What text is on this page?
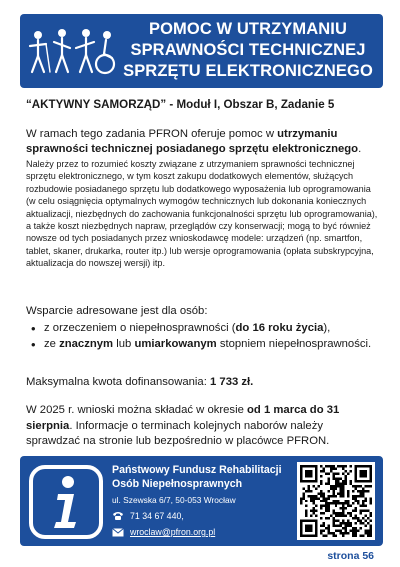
POMOC W UTRZYMANIU
SPRAWNOŚCI TECHNICZNEJ
SPRZĘTU ELEKTRONICZNEGO
“AKTYWNY SAMORZĄD” - Moduł I, Obszar B, Zadanie 5

W ramach tego zadania PFRON oferuje pomoc w utrzymaniu sprawności technicznej posiadanego sprzętu elektronicznego.

Należy przez to rozumieć koszty związane z utrzymaniem sprawności technicznej sprzętu elektronicznego, w tym koszt zakupu dodatkowych elementów, służących rozbudowie posiadanego sprzętu lub dodatkowego wyposażenia lub oprogramowania (w celu osiągnięcia optymalnych wymogów technicznych lub dokonania koniecznych aktualizacji, niezbędnych do zachowania funkcjonalności sprzętu lub oprogramowania), a także koszt niezbędnych napraw, przeglądów czy konserwacji; mogą to być również nowsze od tych posiadanych przez wnioskodawcę modele: urządzeń (np. smartfon, tablet, skaner, drukarka, router itp.) lub wersje oprogramowania (opłata subskrypcyjna, aktualizacja do nowszej wersji) itp.

Wsparcie adresowane jest dla osób:
• z orzeczeniem o niepełnosprawności (do 16 roku życia),
• ze znacznym lub umiarkowanym stopniem niepełnosprawności.

Maksymalna kwota dofinansowania: 1 733 zł.

W 2025 r. wnioski można składać w okresie od 1 marca do 31 sierpnia. Informacje o terminach kolejnych naborów należy sprawdzać na stronie lub bezpośrednio w placówce PFRON.

Państwowy Fundusz Rehabilitacji
Osób Niepełnosprawnych
ul. Szewska 6/7, 50-053 Wrocław
71 34 67 440,
wroclaw@pfron.org.pl
strona 56
